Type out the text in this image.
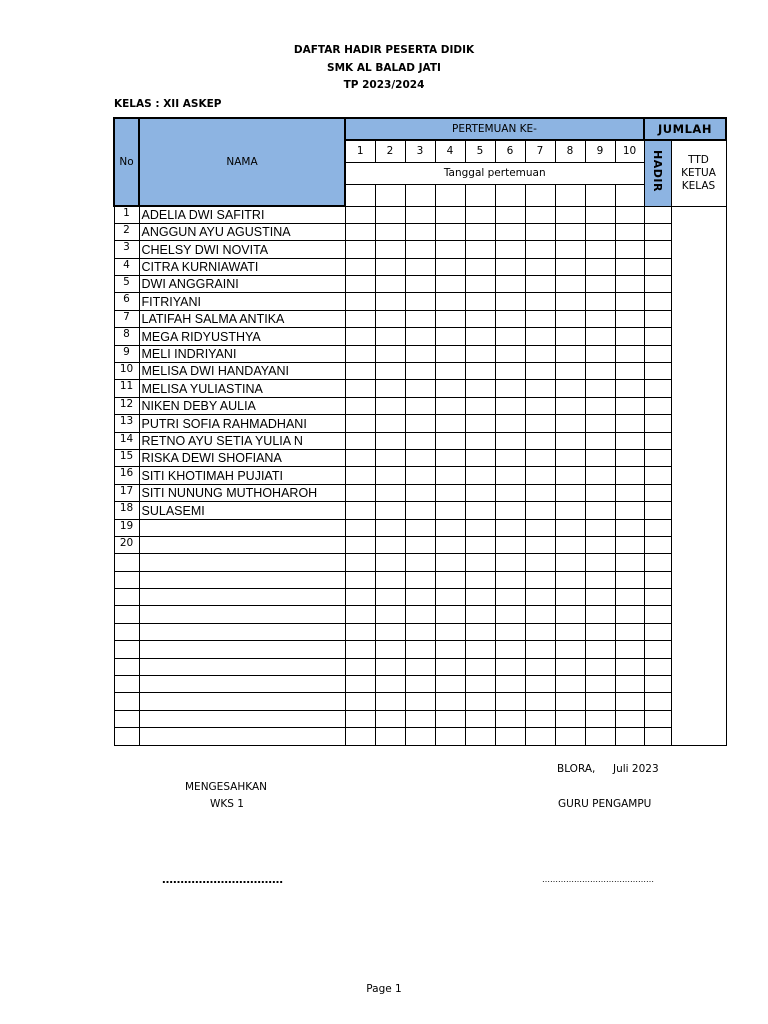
DAFTAR HADIR PESERTA DIDIK
SMK AL BALAD JATI
TP 2023/2024
KELAS : XII ASKEP
No	NAMA	PERTEMUAN KE-										JUMLAH	
		1	2	3	4	5	6	7	8	9	10	HADIR	TTD KETUA KELAS
		Tanggal pertemuan											

1	ADELIA DWI SAFITRI												
2	ANGGUN AYU AGUSTINA												
3	CHELSY DWI NOVITA												
4	CITRA KURNIAWATI												
5	DWI ANGGRAINI												
6	FITRIYANI												
7	LATIFAH SALMA ANTIKA												
8	MEGA RIDYUSTHYA												
9	MELI INDRIYANI												
10	MELISA DWI HANDAYANI												
11	MELISA YULIASTINA												
12	NIKEN DEBY AULIA												
13	PUTRI SOFIA RAHMADHANI												
14	RETNO AYU SETIA YULIA N												
15	RISKA DEWI SHOFIANA												
16	SITI KHOTIMAH PUJIATI												
17	SITI NUNUNG MUTHOHAROH												
18	SULASEMI												
19													
20													

BLORA, Juli 2023
MENGESAHKAN
WKS 1	GURU PENGAMPU
……………………………	……………………………………
Page 1
